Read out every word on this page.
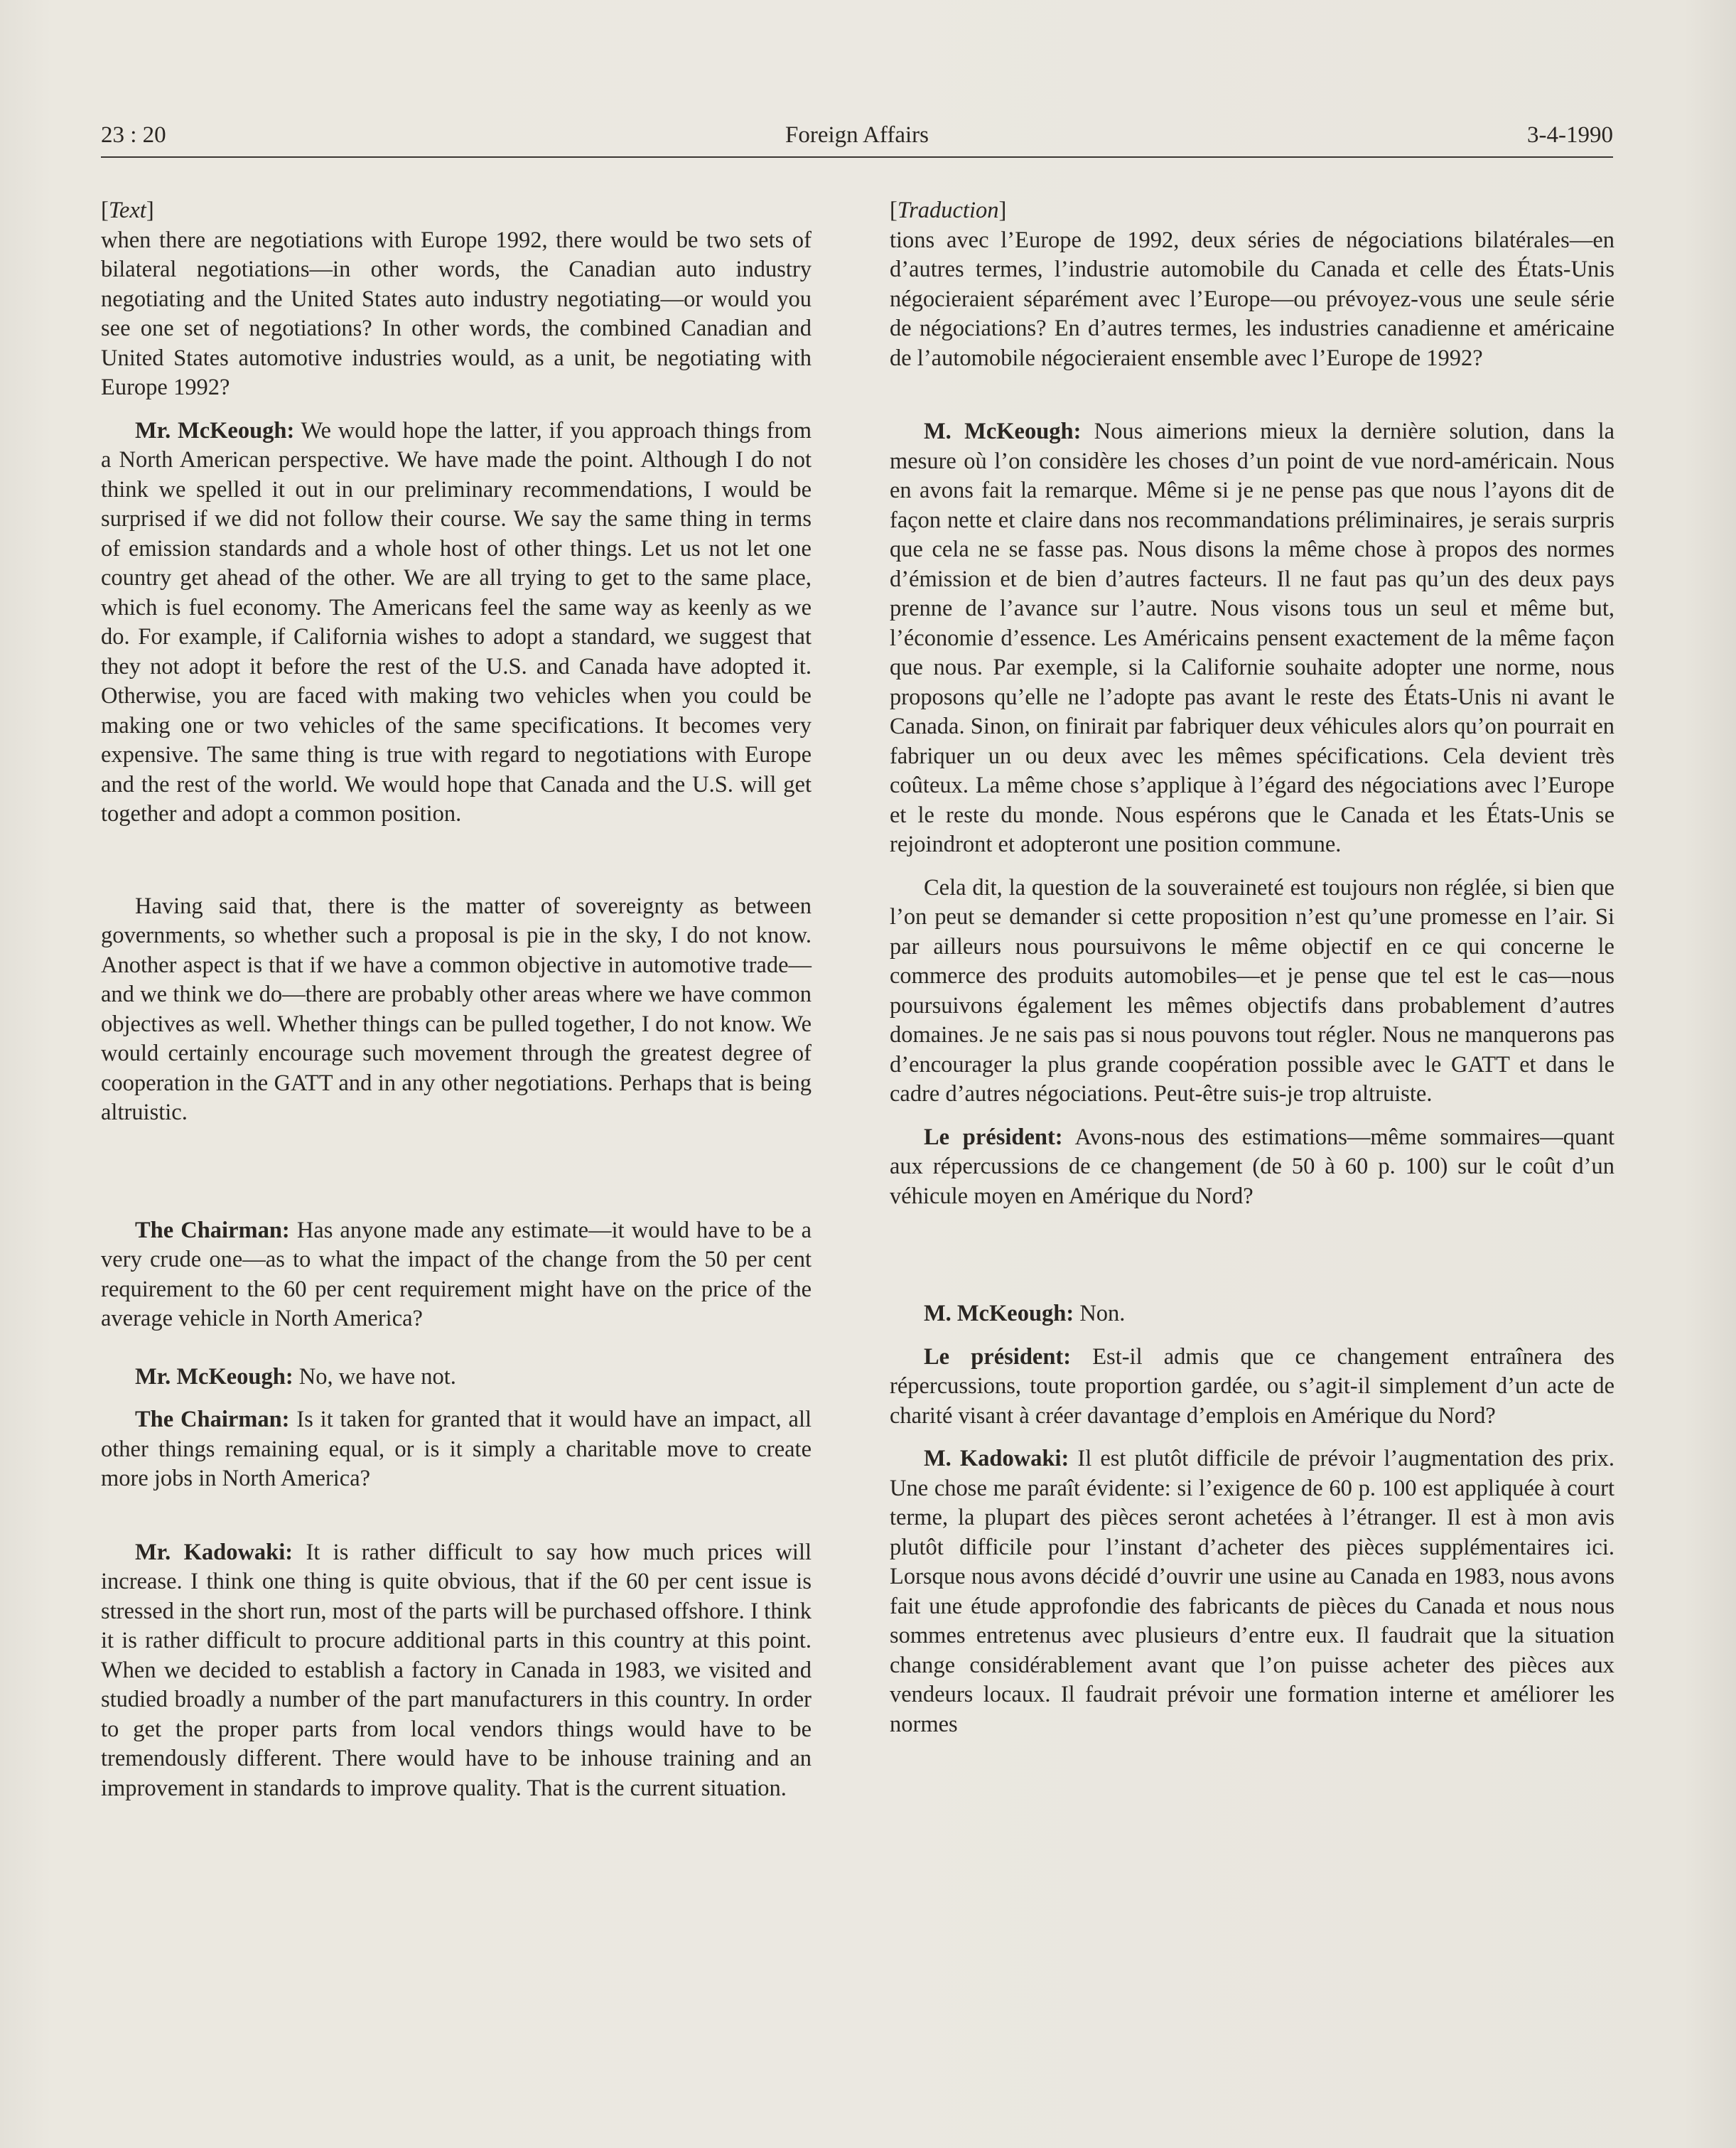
23 : 20	Foreign Affairs	3-4-1990

[Text]

when there are negotiations with Europe 1992, there would be two sets of bilateral negotiations—in other words, the Canadian auto industry negotiating and the United States auto industry negotiating—or would you see one set of negotiations? In other words, the combined Canadian and United States automotive industries would, as a unit, be negotiating with Europe 1992?

Mr. McKeough: We would hope the latter, if you approach things from a North American perspective. We have made the point. Although I do not think we spelled it out in our preliminary recommendations, I would be surprised if we did not follow their course. We say the same thing in terms of emission standards and a whole host of other things. Let us not let one country get ahead of the other. We are all trying to get to the same place, which is fuel economy. The Americans feel the same way as keenly as we do. For example, if California wishes to adopt a standard, we suggest that they not adopt it before the rest of the U.S. and Canada have adopted it. Otherwise, you are faced with making two vehicles when you could be making one or two vehicles of the same specifications. It becomes very expensive. The same thing is true with regard to negotiations with Europe and the rest of the world. We would hope that Canada and the U.S. will get together and adopt a common position.

Having said that, there is the matter of sovereignty as between governments, so whether such a proposal is pie in the sky, I do not know. Another aspect is that if we have a common objective in automotive trade—and we think we do—there are probably other areas where we have common objectives as well. Whether things can be pulled together, I do not know. We would certainly encourage such movement through the greatest degree of cooperation in the GATT and in any other negotiations. Perhaps that is being altruistic.

The Chairman: Has anyone made any estimate—it would have to be a very crude one—as to what the impact of the change from the 50 per cent requirement to the 60 per cent requirement might have on the price of the average vehicle in North America?

Mr. McKeough: No, we have not.

The Chairman: Is it taken for granted that it would have an impact, all other things remaining equal, or is it simply a charitable move to create more jobs in North America?

Mr. Kadowaki: It is rather difficult to say how much prices will increase. I think one thing is quite obvious, that if the 60 per cent issue is stressed in the short run, most of the parts will be purchased offshore. I think it is rather difficult to procure additional parts in this country at this point. When we decided to establish a factory in Canada in 1983, we visited and studied broadly a number of the part manufacturers in this country. In order to get the proper parts from local vendors things would have to be tremendously different. There would have to be inhouse training and an improvement in standards to improve quality. That is the current situation.

[Traduction]

tions avec l’Europe de 1992, deux séries de négociations bilatérales—en d’autres termes, l’industrie automobile du Canada et celle des États-Unis négocieraient séparément avec l’Europe—ou prévoyez-vous une seule série de négociations? En d’autres termes, les industries canadienne et américaine de l’automobile négocieraient ensemble avec l’Europe de 1992?

M. McKeough: Nous aimerions mieux la dernière solution, dans la mesure où l’on considère les choses d’un point de vue nord-américain. Nous en avons fait la remarque. Même si je ne pense pas que nous l’ayons dit de façon nette et claire dans nos recommandations préliminaires, je serais surpris que cela ne se fasse pas. Nous disons la même chose à propos des normes d’émission et de bien d’autres facteurs. Il ne faut pas qu’un des deux pays prenne de l’avance sur l’autre. Nous visons tous un seul et même but, l’économie d’essence. Les Américains pensent exactement de la même façon que nous. Par exemple, si la Californie souhaite adopter une norme, nous proposons qu’elle ne l’adopte pas avant le reste des États-Unis ni avant le Canada. Sinon, on finirait par fabriquer deux véhicules alors qu’on pourrait en fabriquer un ou deux avec les mêmes spécifications. Cela devient très coûteux. La même chose s’applique à l’égard des négociations avec l’Europe et le reste du monde. Nous espérons que le Canada et les États-Unis se rejoindront et adopteront une position commune.

Cela dit, la question de la souveraineté est toujours non réglée, si bien que l’on peut se demander si cette proposition n’est qu’une promesse en l’air. Si par ailleurs nous poursuivons le même objectif en ce qui concerne le commerce des produits automobiles—et je pense que tel est le cas—nous poursuivons également les mêmes objectifs dans probablement d’autres domaines. Je ne sais pas si nous pouvons tout régler. Nous ne manquerons pas d’encourager la plus grande coopération possible avec le GATT et dans le cadre d’autres négociations. Peut-être suis-je trop altruiste.

Le président: Avons-nous des estimations—même sommaires—quant aux répercussions de ce changement (de 50 à 60 p. 100) sur le coût d’un véhicule moyen en Amérique du Nord?

M. McKeough: Non.

Le président: Est-il admis que ce changement entraînera des répercussions, toute proportion gardée, ou s’agit-il simplement d’un acte de charité visant à créer davantage d’emplois en Amérique du Nord?

M. Kadowaki: Il est plutôt difficile de prévoir l’augmentation des prix. Une chose me paraît évidente: si l’exigence de 60 p. 100 est appliquée à court terme, la plupart des pièces seront achetées à l’étranger. Il est à mon avis plutôt difficile pour l’instant d’acheter des pièces supplémentaires ici. Lorsque nous avons décidé d’ouvrir une usine au Canada en 1983, nous avons fait une étude approfondie des fabricants de pièces du Canada et nous nous sommes entretenus avec plusieurs d’entre eux. Il faudrait que la situation change considérablement avant que l’on puisse acheter des pièces aux vendeurs locaux. Il faudrait prévoir une formation interne et améliorer les normes
